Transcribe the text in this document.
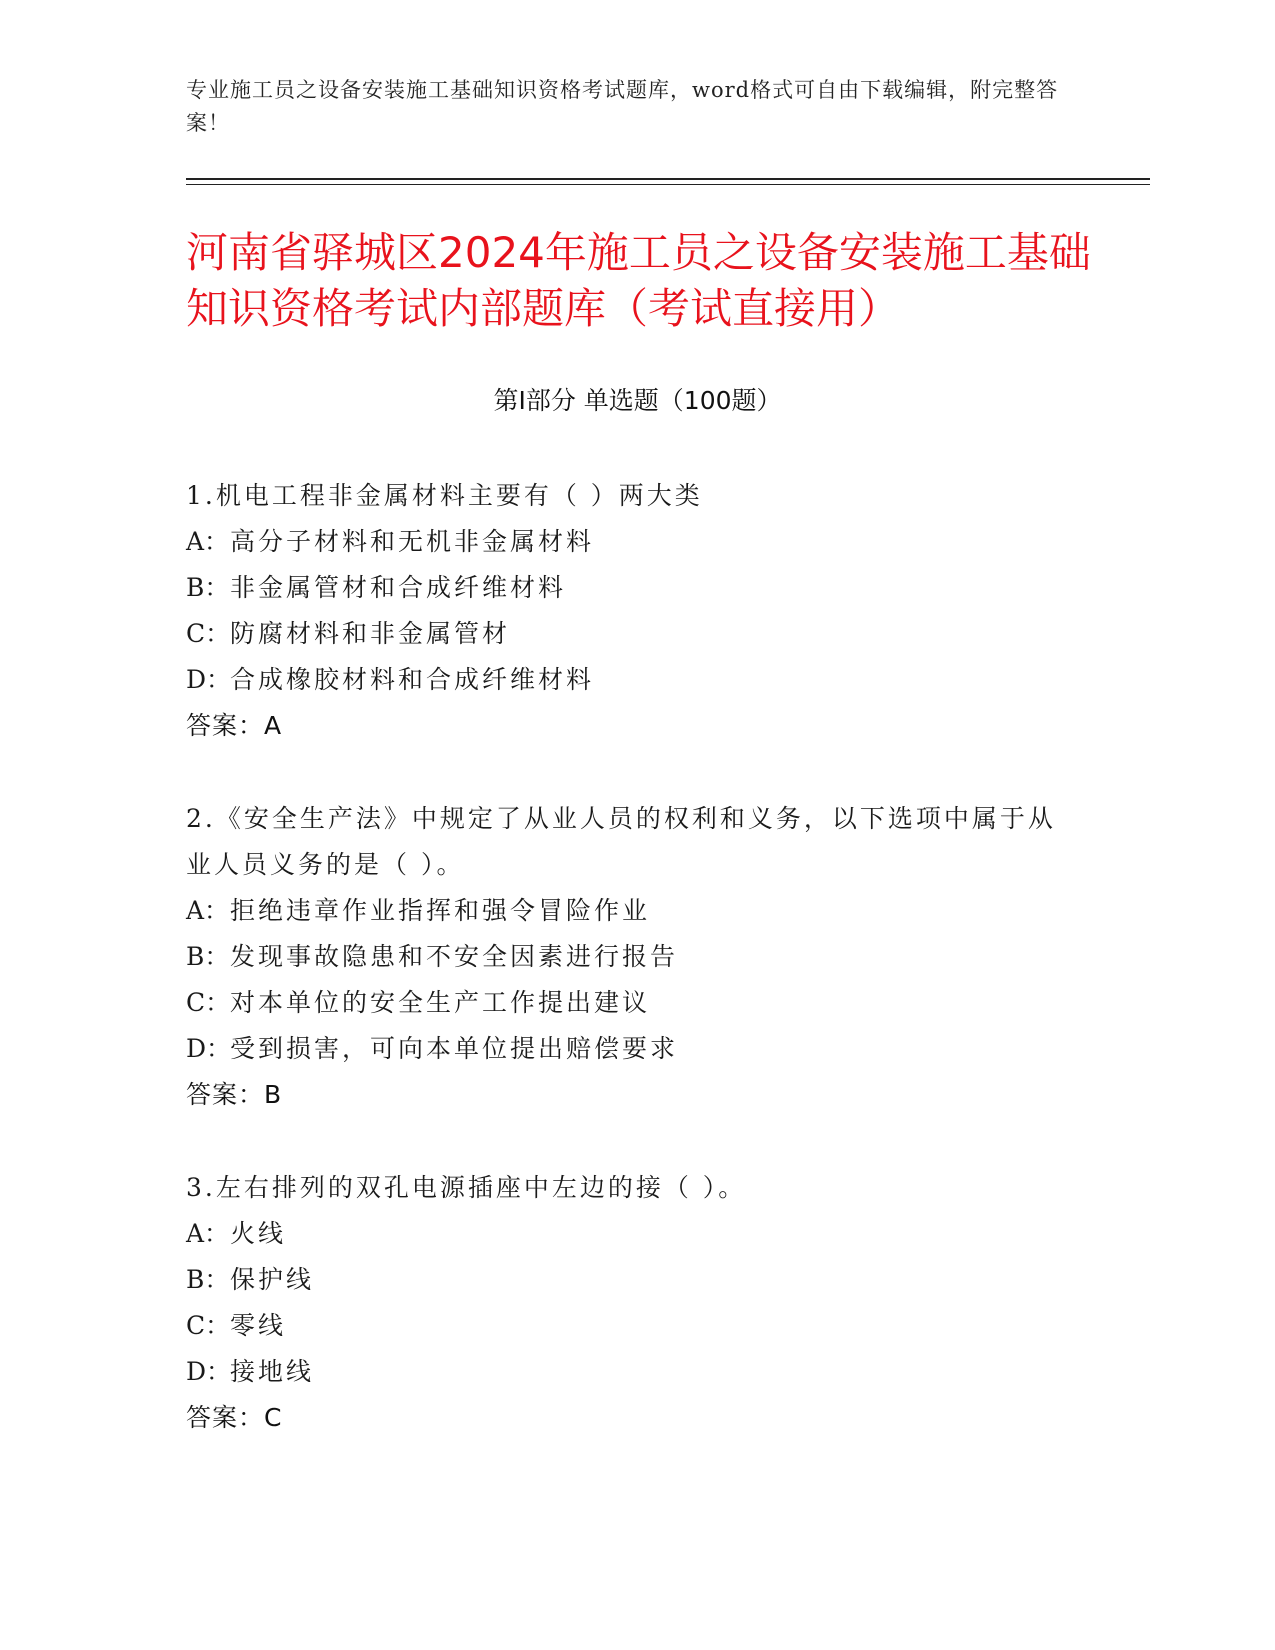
专业施工员之设备安装施工基础知识资格考试题库，word格式可自由下载编辑，附完整答案！
河南省驿城区2024年施工员之设备安装施工基础知识资格考试内部题库（考试直接用）
第Ⅰ部分 单选题（100题）
1.机电工程非金属材料主要有（ ）两大类
A：高分子材料和无机非金属材料
B：非金属管材和合成纤维材料
C：防腐材料和非金属管材
D：合成橡胶材料和合成纤维材料
答案：A
2.《安全生产法》中规定了从业人员的权利和义务，以下选项中属于从业人员义务的是（ ）。
A：拒绝违章作业指挥和强令冒险作业
B：发现事故隐患和不安全因素进行报告
C：对本单位的安全生产工作提出建议
D：受到损害，可向本单位提出赔偿要求
答案：B
3.左右排列的双孔电源插座中左边的接（ ）。
A：火线
B：保护线
C：零线
D：接地线
答案：C
